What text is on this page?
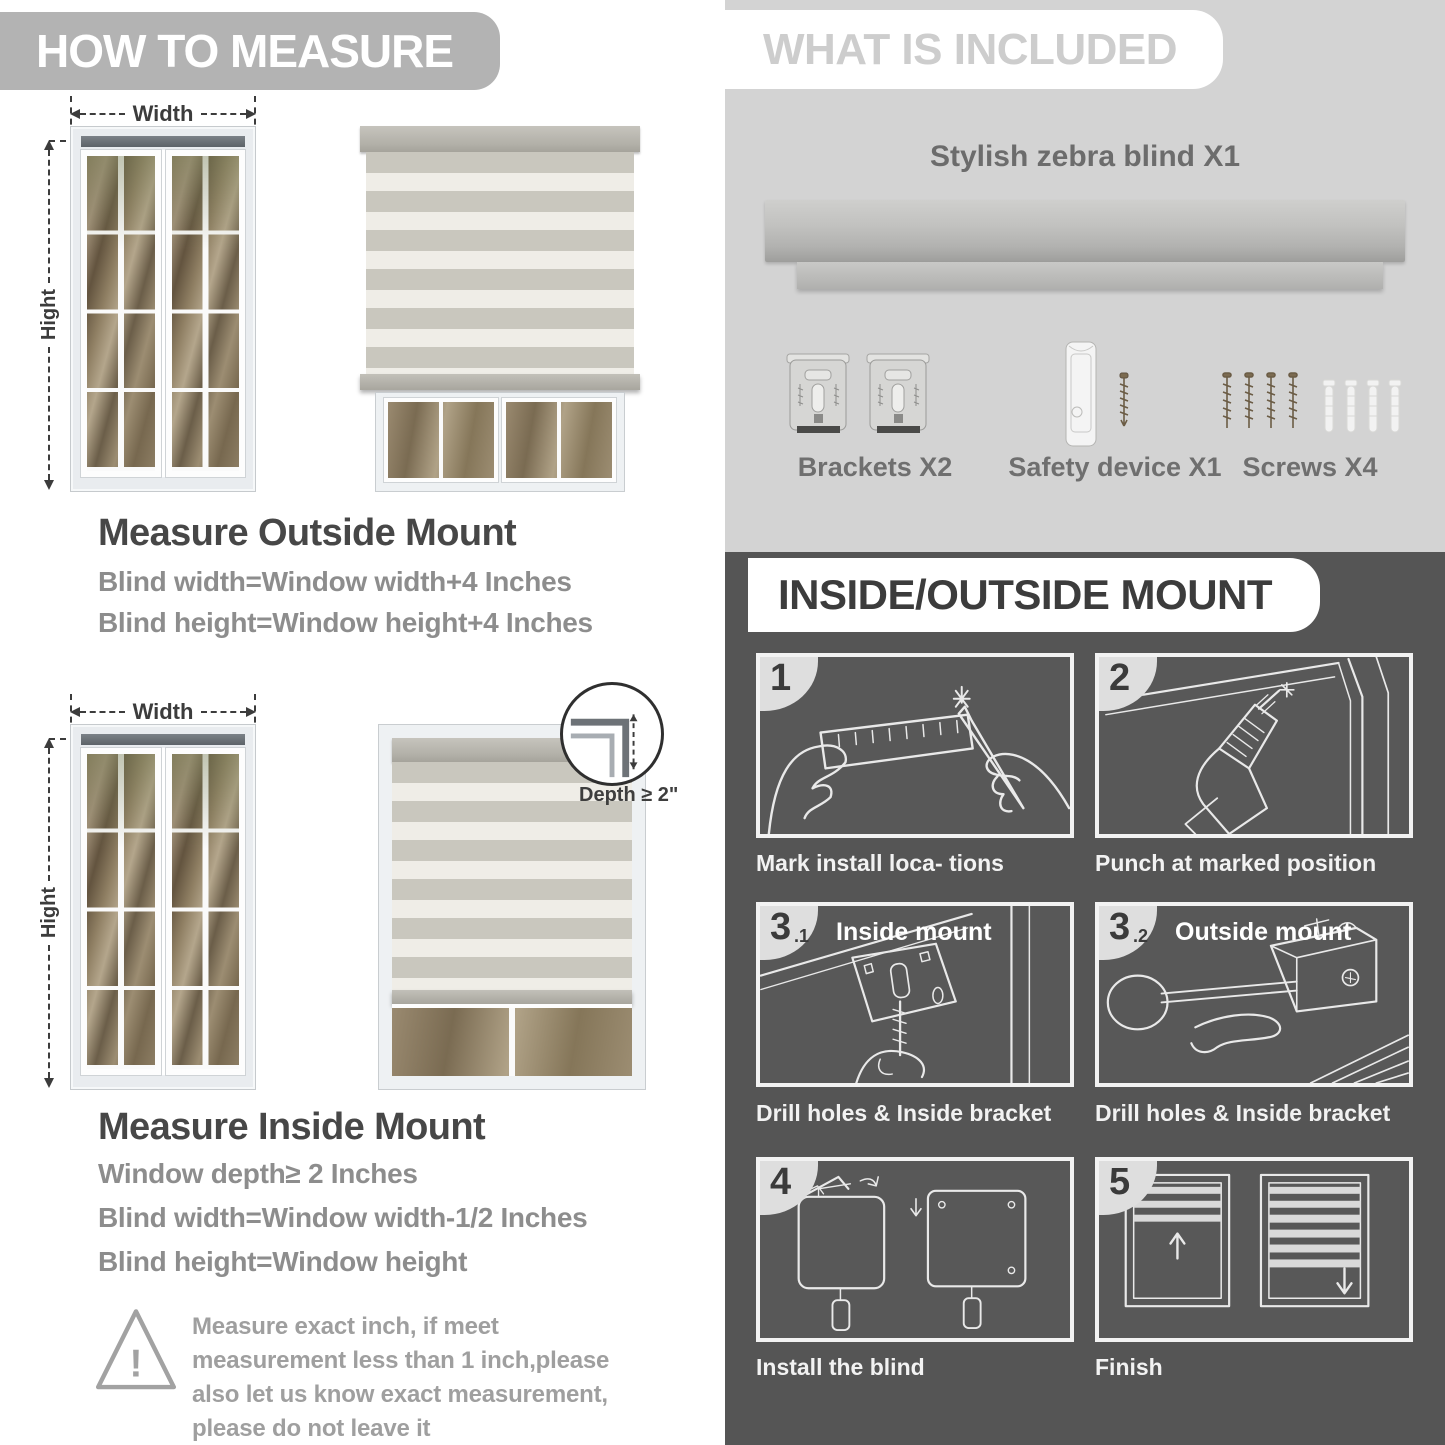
HOW TO MEASURE
Width
Hight
Measure Outside Mount
Blind width=Window width+4 Inches
Blind height=Window height+4 Inches
Width
Hight
Depth ≥ 2"
Measure Inside Mount
Window depth≥ 2 Inches
Blind width=Window width-1/2 Inches
Blind height=Window height
!
Measure exact inch, if meet measurement less than 1 inch,please also let us know exact measurement, please do not leave it
WHAT IS INCLUDED
Stylish zebra blind X1
Brackets X2	Safety device X1 Screws X4
INSIDE/OUTSIDE MOUNT
1
Mark install loca- tions
2
Punch at marked position
3 .1 Inside mount
Drill holes & Inside bracket
3 .2 Outside mount
Drill holes & Inside bracket
4
Install the blind
5
Finish
